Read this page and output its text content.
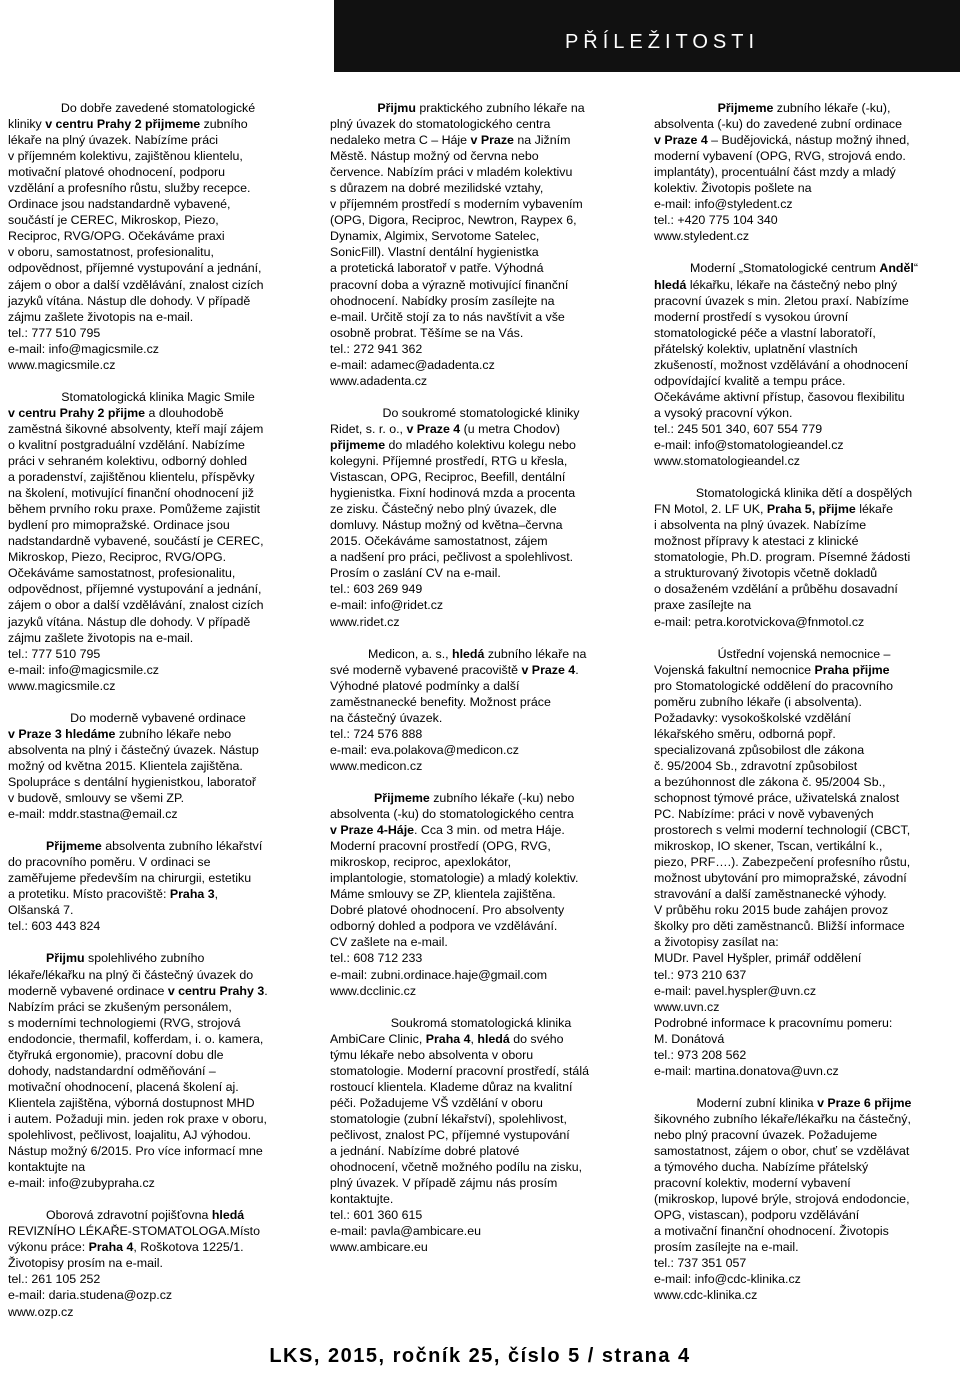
PŘÍLEŽITOSTI
Do dobře zavedené stomatologické
kliniky v centru Prahy 2 přijmeme zubního
lékaře na plný úvazek. Nabízíme práci
v příjemném kolektivu, zajištěnou klientelu,
motivační platové ohodnocení, podporu
vzdělání a profesního růstu, služby recepce.
Ordinace jsou nadstandardně vybavené,
součástí je CEREC, Mikroskop, Piezo,
Reciproc, RVG/OPG. Očekáváme praxi
v oboru, samostatnost, profesionalitu,
odpovědnost, příjemné vystupování a jednání,
zájem o obor a další vzdělávání, znalost cizích
jazyků vítána. Nástup dle dohody. V případě
zájmu zašlete životopis na e-mail.
tel.: 777 510 795
e-mail: info@magicsmile.cz
www.magicsmile.cz
Stomatologická klinika Magic Smile
v centru Prahy 2 přijme a dlouhodobě
zaměstná šikovné absolventy, kteří mají zájem
o kvalitní postgraduální vzdělání. Nabízíme
práci v sehraném kolektivu, odborný dohled
a poradenství, zajištěnou klientelu, příspěvky
na školení, motivující finanční ohodnocení již
během prvního roku praxe. Pomůžeme zajistit
bydlení pro mimopražské. Ordinace jsou
nadstandardně vybavené, součástí je CEREC,
Mikroskop, Piezo, Reciproc, RVG/OPG.
Očekáváme samostatnost, profesionalitu,
odpovědnost, příjemné vystupování a jednání,
zájem o obor a další vzdělávání, znalost cizích
jazyků vítána. Nástup dle dohody. V případě
zájmu zašlete životopis na e-mail.
tel.: 777 510 795
e-mail: info@magicsmile.cz
www.magicsmile.cz
Do moderně vybavené ordinace
v Praze 3 hledáme zubního lékaře nebo
absolventa na plný i částečný úvazek. Nástup
možný od května 2015. Klientela zajištěna.
Spolupráce s dentální hygienistkou, laboratoř
v budově, smlouvy se všemi ZP.
e-mail: mddr.stastna@email.cz
Přijmeme absolventa zubního lékařství
do pracovního poměru. V ordinaci se
zaměřujeme především na chirurgii, estetiku
a protetiku. Místo pracoviště: Praha 3,
Olšanská 7.
tel.: 603 443 824
Přijmu spolehlivého zubního
lékaře/lékařku na plný či částečný úvazek do
moderně vybavené ordinace v centru Prahy 3.
Nabízím práci se zkušeným personálem,
s moderními technologiemi (RVG, strojová
endodoncie, thermafil, kofferdam, i. o. kamera,
čtyřruká ergonomie), pracovní dobu dle
dohody, nadstandardní odměňování –
motivační ohodnocení, placená školení aj.
Klientela zajištěna, výborná dostupnost MHD
i autem. Požaduji min. jeden rok praxe v oboru,
spolehlivost, pečlivost, loajalitu, AJ výhodou.
Nástup možný 6/2015. Pro více informací mne
kontaktujte na
e-mail: info@zubypraha.cz
Oborová zdravotní pojišťovna hledá
REVIZNÍHO LÉKAŘE-STOMATOLOGA.Místo
výkonu práce: Praha 4, Roškotova 1225/1.
Životopisy prosím na e-mail.
tel.: 261 105 252
e-mail: daria.studena@ozp.cz
www.ozp.cz
Přijmu praktického zubního lékaře na
plný úvazek do stomatologického centra
nedaleko metra C – Háje v Praze na Jižním
Městě. Nástup možný od června nebo
července. Nabízím práci v mladém kolektivu
s důrazem na dobré mezilidské vztahy,
v příjemném prostředí s moderním vybavením
(OPG, Digora, Reciproc, Newtron, Raypex 6,
Dynamix, Algimix, Servotome Satelec,
SonicFill). Vlastní dentální hygienistka
a protetická laboratoř v patře. Výhodná
pracovní doba a výrazně motivující finanční
ohodnocení. Nabídky prosím zasílejte na
e-mail. Určitě stojí za to nás navštívit a vše
osobně probrat. Těšíme se na Vás.
tel.: 272 941 362
e-mail: adamec@adadenta.cz
www.adadenta.cz
Do soukromé stomatologické kliniky
Ridet, s. r. o., v Praze 4 (u metra Chodov)
přijmeme do mladého kolektivu kolegu nebo
kolegyni. Příjemné prostředí, RTG u křesla,
Vistascan, OPG, Reciproc, Beefill, dentální
hygienistka. Fixní hodinová mzda a procenta
ze zisku. Částečný nebo plný úvazek, dle
domluvy. Nástup možný od května–června
2015. Očekáváme samostatnost, zájem
a nadšení pro práci, pečlivost a spolehlivost.
Prosím o zaslání CV na e-mail.
tel.: 603 269 949
e-mail: info@ridet.cz
www.ridet.cz
Medicon, a. s., hledá zubního lékaře na
své moderně vybavené pracoviště v Praze 4.
Výhodné platové podmínky a další
zaměstnanecké benefity. Možnost práce
na částečný úvazek.
tel.: 724 576 888
e-mail: eva.polakova@medicon.cz
www.medicon.cz
Přijmeme zubního lékaře (-ku) nebo
absolventa (-ku) do stomatologického centra
v Praze 4-Háje. Cca 3 min. od metra Háje.
Moderní pracovní prostředí (OPG, RVG,
mikroskop, reciproc, apexlokátor,
implantologie, stomatologie) a mladý kolektiv.
Máme smlouvy se ZP, klientela zajištěna.
Dobré platové ohodnocení. Pro absolventy
odborný dohled a podpora ve vzdělávání.
CV zašlete na e-mail.
tel.: 608 712 233
e-mail: zubni.ordinace.haje@gmail.com
www.dcclinic.cz
Soukromá stomatologická klinika
AmbiCare Clinic, Praha 4, hledá do svého
týmu lékaře nebo absolventa v oboru
stomatologie. Moderní pracovní prostředí, stálá
rostoucí klientela. Klademe důraz na kvalitní
péči. Požadujeme VŠ vzdělání v oboru
stomatologie (zubní lékařství), spolehlivost,
pečlivost, znalost PC, příjemné vystupování
a jednání. Nabízíme dobré platové
ohodnocení, včetně možného podílu na zisku,
plný úvazek. V případě zájmu nás prosím
kontaktujte.
tel.: 601 360 615
e-mail: pavla@ambicare.eu
www.ambicare.eu
Přijmeme zubního lékaře (-ku),
absolventa (-ku) do zavedené zubní ordinace
v Praze 4 – Budějovická, nástup možný ihned,
moderní vybavení (OPG, RVG, strojová endo.
implantáty), procentuální část mzdy a mladý
kolektiv. Životopis pošlete na
e-mail: info@styledent.cz
tel.: +420 775 104 340
www.styledent.cz
Moderní „Stomatologické centrum Anděl“
hledá lékařku, lékaře na částečný nebo plný
pracovní úvazek s min. 2letou praxí. Nabízíme
moderní prostředí s vysokou úrovní
stomatologické péče a vlastní laboratoří,
přátelský kolektiv, uplatnění vlastních
zkušeností, možnost vzdělávání a ohodnocení
odpovídající kvalitě a tempu práce.
Očekáváme aktivní přístup, časovou flexibilitu
a vysoký pracovní výkon.
tel.: 245 501 340, 607 554 779
e-mail: info@stomatologieandel.cz
www.stomatologieandel.cz
Stomatologická klinika dětí a dospělých
FN Motol, 2. LF UK, Praha 5, přijme lékaře
i absolventa na plný úvazek. Nabízíme
možnost přípravy k atestaci z klinické
stomatologie, Ph.D. program. Písemné žádosti
a strukturovaný životopis včetně dokladů
o dosaženém vzdělání a průběhu dosavadní
praxe zasílejte na
e-mail: petra.korotvickova@fnmotol.cz
Ústřední vojenská nemocnice –
Vojenská fakultní nemocnice Praha přijme
pro Stomatologické oddělení do pracovního
poměru zubního lékaře (i absolventa).
Požadavky: vysokoškolské vzdělání
lékařského směru, odborná popř.
specializovaná způsobilost dle zákona
č. 95/2004 Sb., zdravotní způsobilost
a bezúhonnost dle zákona č. 95/2004 Sb.,
schopnost týmové práce, uživatelská znalost
PC. Nabízíme: práci v nově vybavených
prostorech s velmi moderní technologií (CBCT,
mikroskop, IO skener, Tscan, vertikální k.,
piezo, PRF….). Zabezpečení profesního růstu,
možnost ubytování pro mimopražské, závodní
stravování a další zaměstnanecké výhody.
V průběhu roku 2015 bude zahájen provoz
školky pro děti zaměstnanců. Bližší informace
a životopisy zasílat na:
MUDr. Pavel Hyšpler, primář oddělení
tel.: 973 210 637
e-mail: pavel.hyspler@uvn.cz
www.uvn.cz
Podrobné informace k pracovnímu pomeru:
M. Donátová
tel.: 973 208 562
e-mail: martina.donatova@uvn.cz
Moderní zubní klinika v Praze 6 přijme
šikovného zubního lékaře/lékařku na částečný,
nebo plný pracovní úvazek. Požadujeme
samostatnost, zájem o obor, chuť se vzdělávat
a týmového ducha. Nabízíme přátelský
pracovní kolektiv, moderní vybavení
(mikroskop, lupové brýle, strojová endodoncie,
OPG, vistascan), podporu vzdělávání
a motivační finanční ohodnocení. Životopis
prosím zasílejte na e-mail.
tel.: 737 351 057
e-mail: info@cdc-klinika.cz
www.cdc-klinika.cz
LKS, 2015, ročník 25, číslo 5 / strana 4
